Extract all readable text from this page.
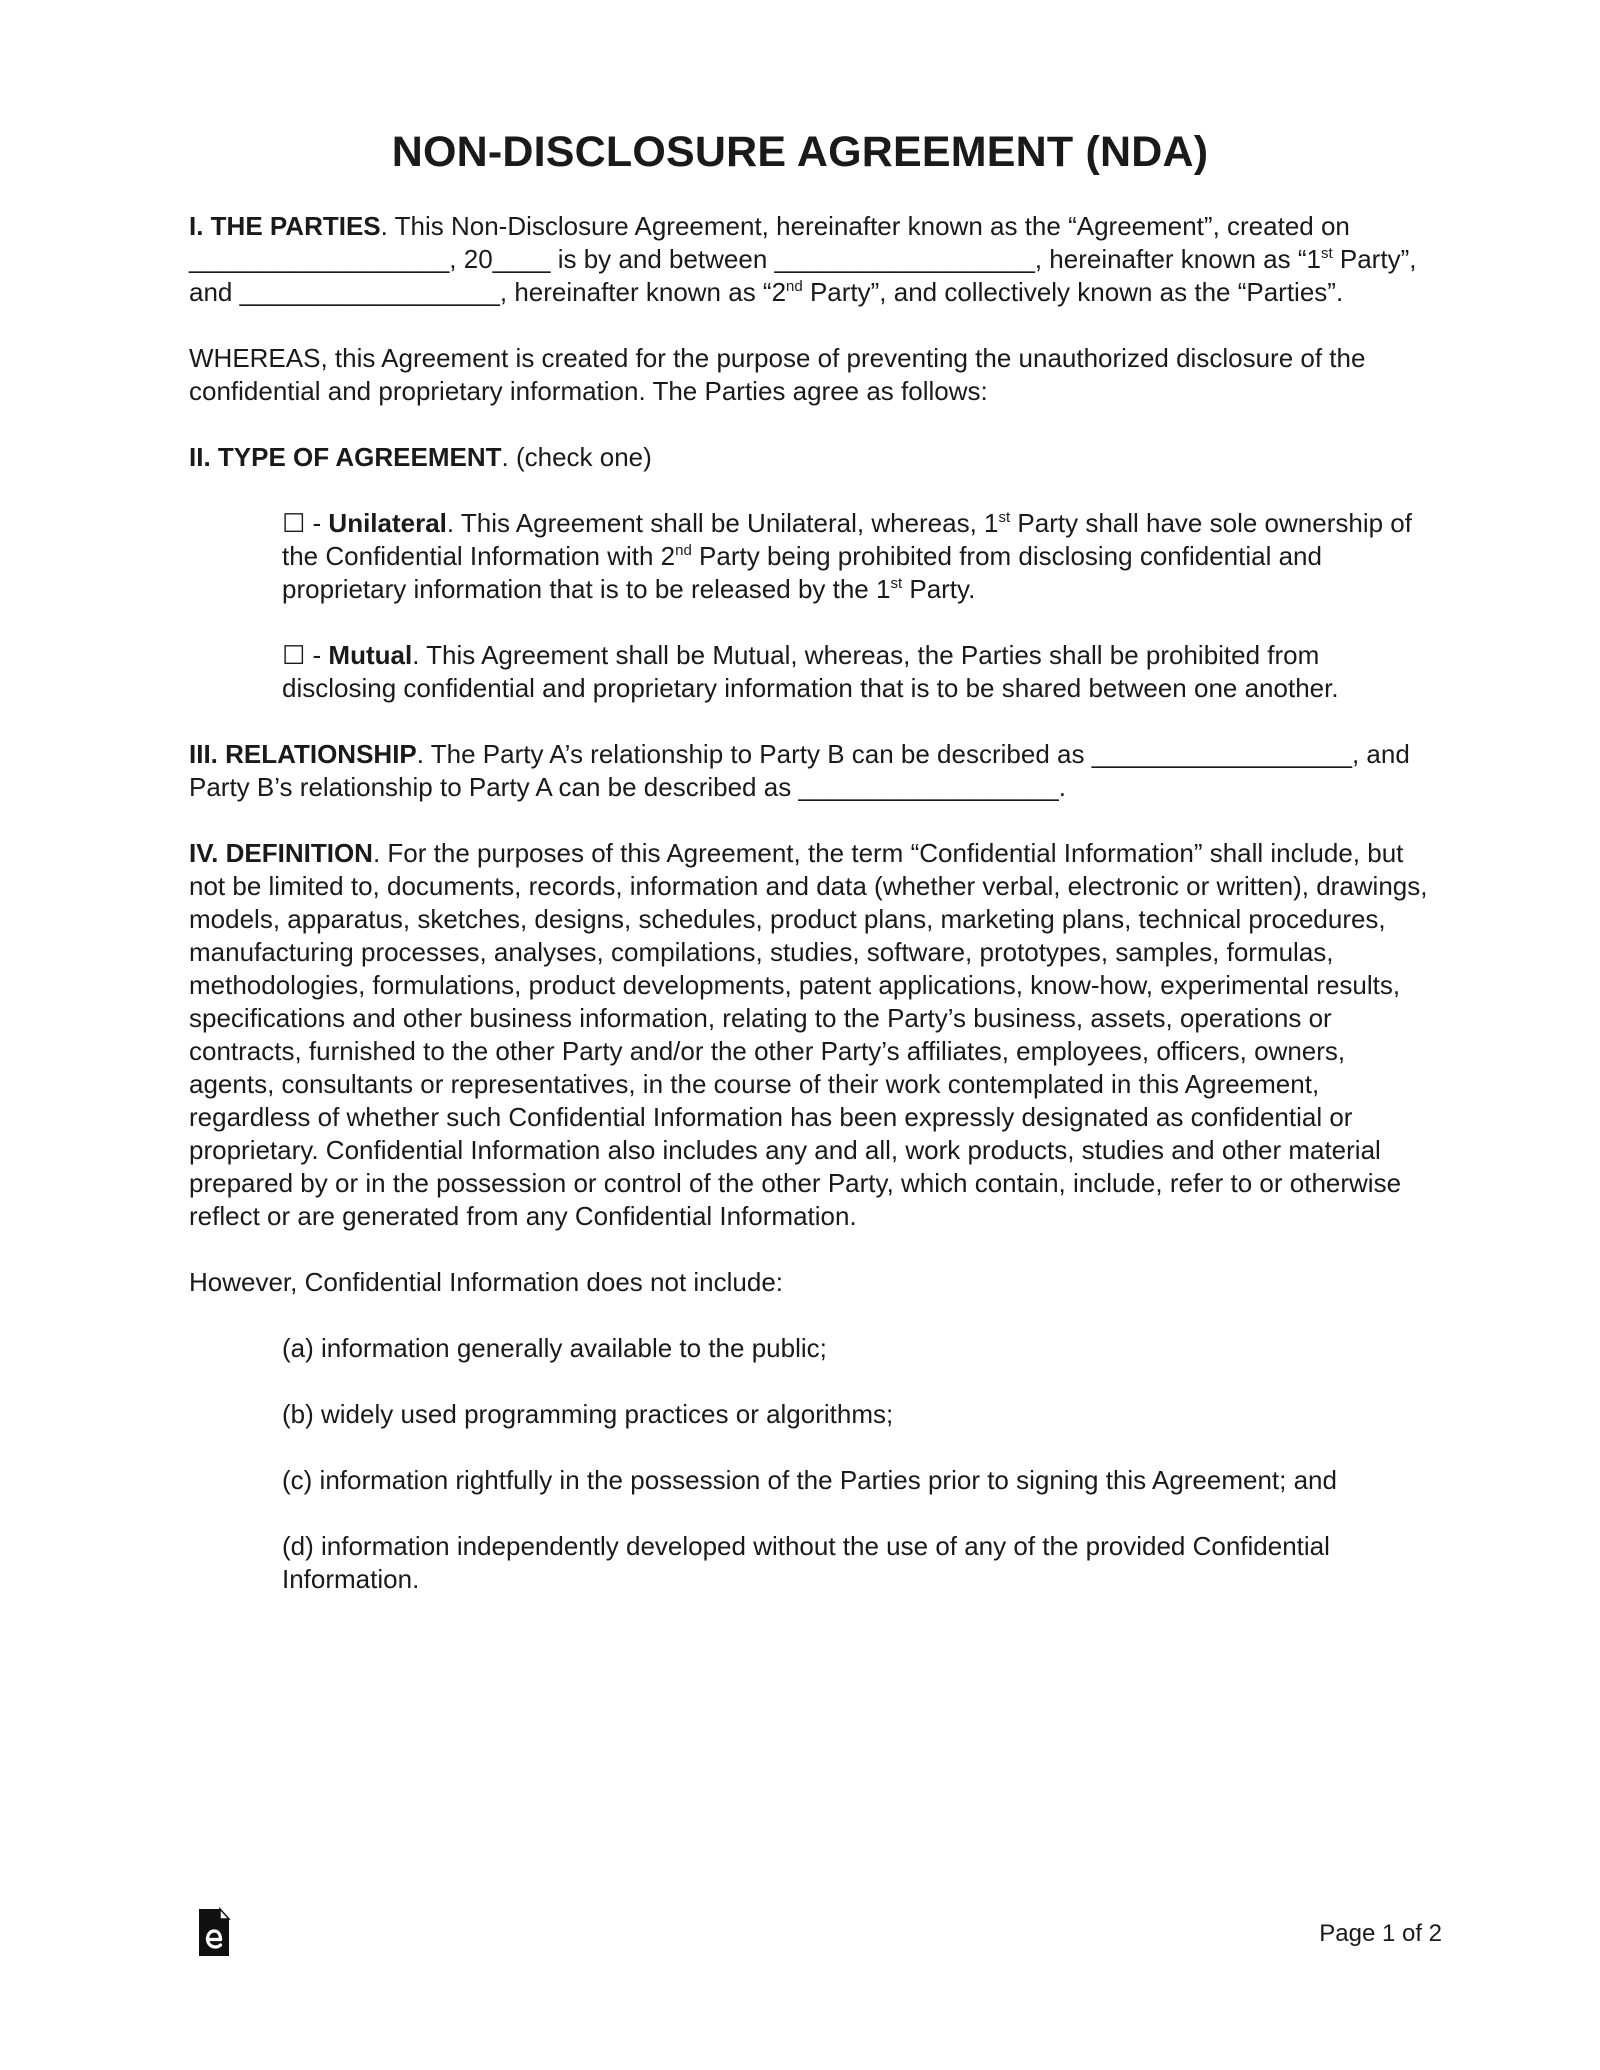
NON-DISCLOSURE AGREEMENT (NDA)

I. THE PARTIES. This Non-Disclosure Agreement, hereinafter known as the “Agreement”, created on __________________, 20____ is by and between __________________, hereinafter known as “1st Party”, and __________________, hereinafter known as “2nd Party”, and collectively known as the “Parties”.

WHEREAS, this Agreement is created for the purpose of preventing the unauthorized disclosure of the confidential and proprietary information. The Parties agree as follows:

II. TYPE OF AGREEMENT. (check one)

☐ - Unilateral. This Agreement shall be Unilateral, whereas, 1st Party shall have sole ownership of the Confidential Information with 2nd Party being prohibited from disclosing confidential and proprietary information that is to be released by the 1st Party.

☐ - Mutual. This Agreement shall be Mutual, whereas, the Parties shall be prohibited from disclosing confidential and proprietary information that is to be shared between one another.

III. RELATIONSHIP. The Party A’s relationship to Party B can be described as __________________, and Party B’s relationship to Party A can be described as __________________.

IV. DEFINITION. For the purposes of this Agreement, the term “Confidential Information” shall include, but not be limited to, documents, records, information and data (whether verbal, electronic or written), drawings, models, apparatus, sketches, designs, schedules, product plans, marketing plans, technical procedures, manufacturing processes, analyses, compilations, studies, software, prototypes, samples, formulas, methodologies, formulations, product developments, patent applications, know-how, experimental results, specifications and other business information, relating to the Party’s business, assets, operations or contracts, furnished to the other Party and/or the other Party’s affiliates, employees, officers, owners, agents, consultants or representatives, in the course of their work contemplated in this Agreement, regardless of whether such Confidential Information has been expressly designated as confidential or proprietary. Confidential Information also includes any and all, work products, studies and other material prepared by or in the possession or control of the other Party, which contain, include, refer to or otherwise reflect or are generated from any Confidential Information.

However, Confidential Information does not include:

(a) information generally available to the public;

(b) widely used programming practices or algorithms;

(c) information rightfully in the possession of the Parties prior to signing this Agreement; and

(d) information independently developed without the use of any of the provided Confidential Information.

Page 1 of 2
